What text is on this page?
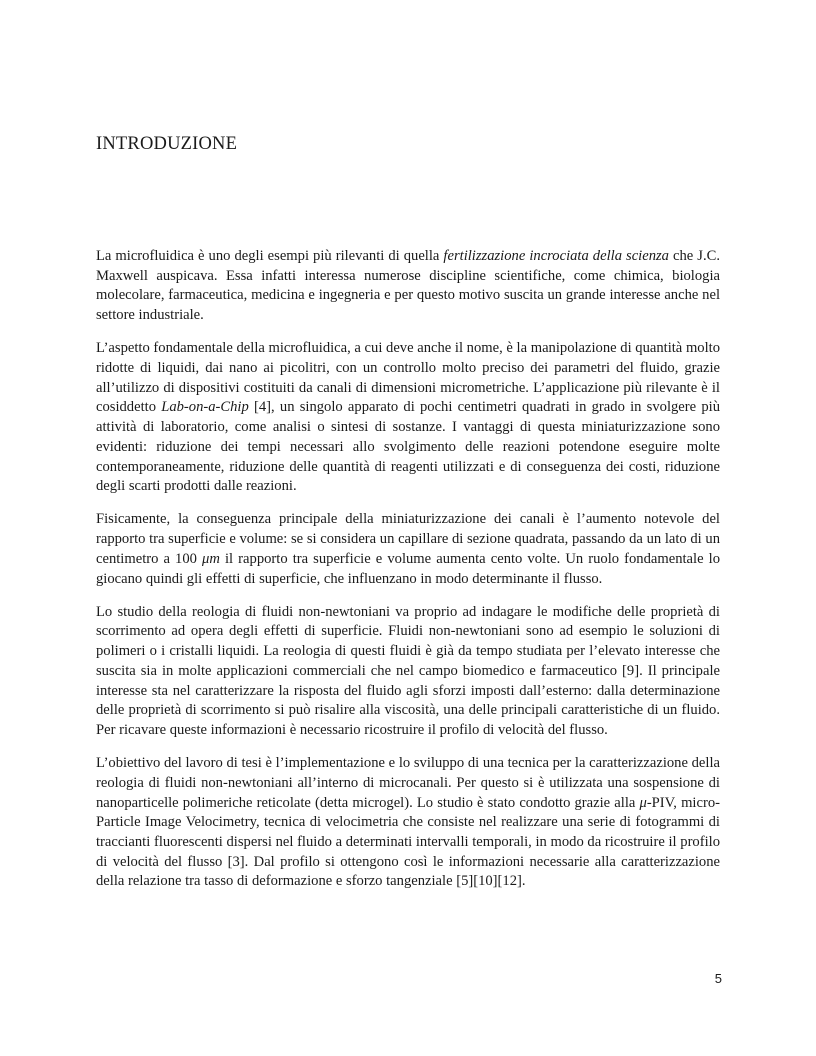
INTRODUZIONE

La microfluidica è uno degli esempi più rilevanti di quella fertilizzazione incrociata della scienza che J.C. Maxwell auspicava. Essa infatti interessa numerose discipline scientifiche, come chimica, biologia molecolare, farmaceutica, medicina e ingegneria e per questo motivo suscita un grande interesse anche nel settore industriale.

L’aspetto fondamentale della microfluidica, a cui deve anche il nome, è la manipolazione di quantità molto ridotte di liquidi, dai nano ai picolitri, con un controllo molto preciso dei parametri del fluido, grazie all’utilizzo di dispositivi costituiti da canali di dimensioni micrometriche. L’applicazione più rilevante è il cosiddetto Lab-on-a-Chip [4], un singolo apparato di pochi centimetri quadrati in grado in svolgere più attività di laboratorio, come analisi o sintesi di sostanze. I vantaggi di questa miniaturizzazione sono evidenti: riduzione dei tempi necessari allo svolgimento delle reazioni potendone eseguire molte contemporaneamente, riduzione delle quantità di reagenti utilizzati e di conseguenza dei costi, riduzione degli scarti prodotti dalle reazioni.

Fisicamente, la conseguenza principale della miniaturizzazione dei canali è l’aumento notevole del rapporto tra superficie e volume: se si considera un capillare di sezione quadrata, passando da un lato di un centimetro a 100 μm il rapporto tra superficie e volume aumenta cento volte. Un ruolo fondamentale lo giocano quindi gli effetti di superficie, che influenzano in modo determinante il flusso.

Lo studio della reologia di fluidi non-newtoniani va proprio ad indagare le modifiche delle proprietà di scorrimento ad opera degli effetti di superficie. Fluidi non-newtoniani sono ad esempio le soluzioni di polimeri o i cristalli liquidi. La reologia di questi fluidi è già da tempo studiata per l’elevato interesse che suscita sia in molte applicazioni commerciali che nel campo biomedico e farmaceutico [9]. Il principale interesse sta nel caratterizzare la risposta del fluido agli sforzi imposti dall’esterno: dalla determinazione delle proprietà di scorrimento si può risalire alla viscosità, una delle principali caratteristiche di un fluido. Per ricavare queste informazioni è necessario ricostruire il profilo di velocità del flusso.

L’obiettivo del lavoro di tesi è l’implementazione e lo sviluppo di una tecnica per la caratterizzazione della reologia di fluidi non-newtoniani all’interno di microcanali. Per questo si è utilizzata una sospensione di nanoparticelle polimeriche reticolate (detta microgel). Lo studio è stato condotto grazie alla μ-PIV, micro-Particle Image Velocimetry, tecnica di velocimetria che consiste nel realizzare una serie di fotogrammi di traccianti fluorescenti dispersi nel fluido a determinati intervalli temporali, in modo da ricostruire il profilo di velocità del flusso [3]. Dal profilo si ottengono così le informazioni necessarie alla caratterizzazione della relazione tra tasso di deformazione e sforzo tangenziale [5][10][12].

5
